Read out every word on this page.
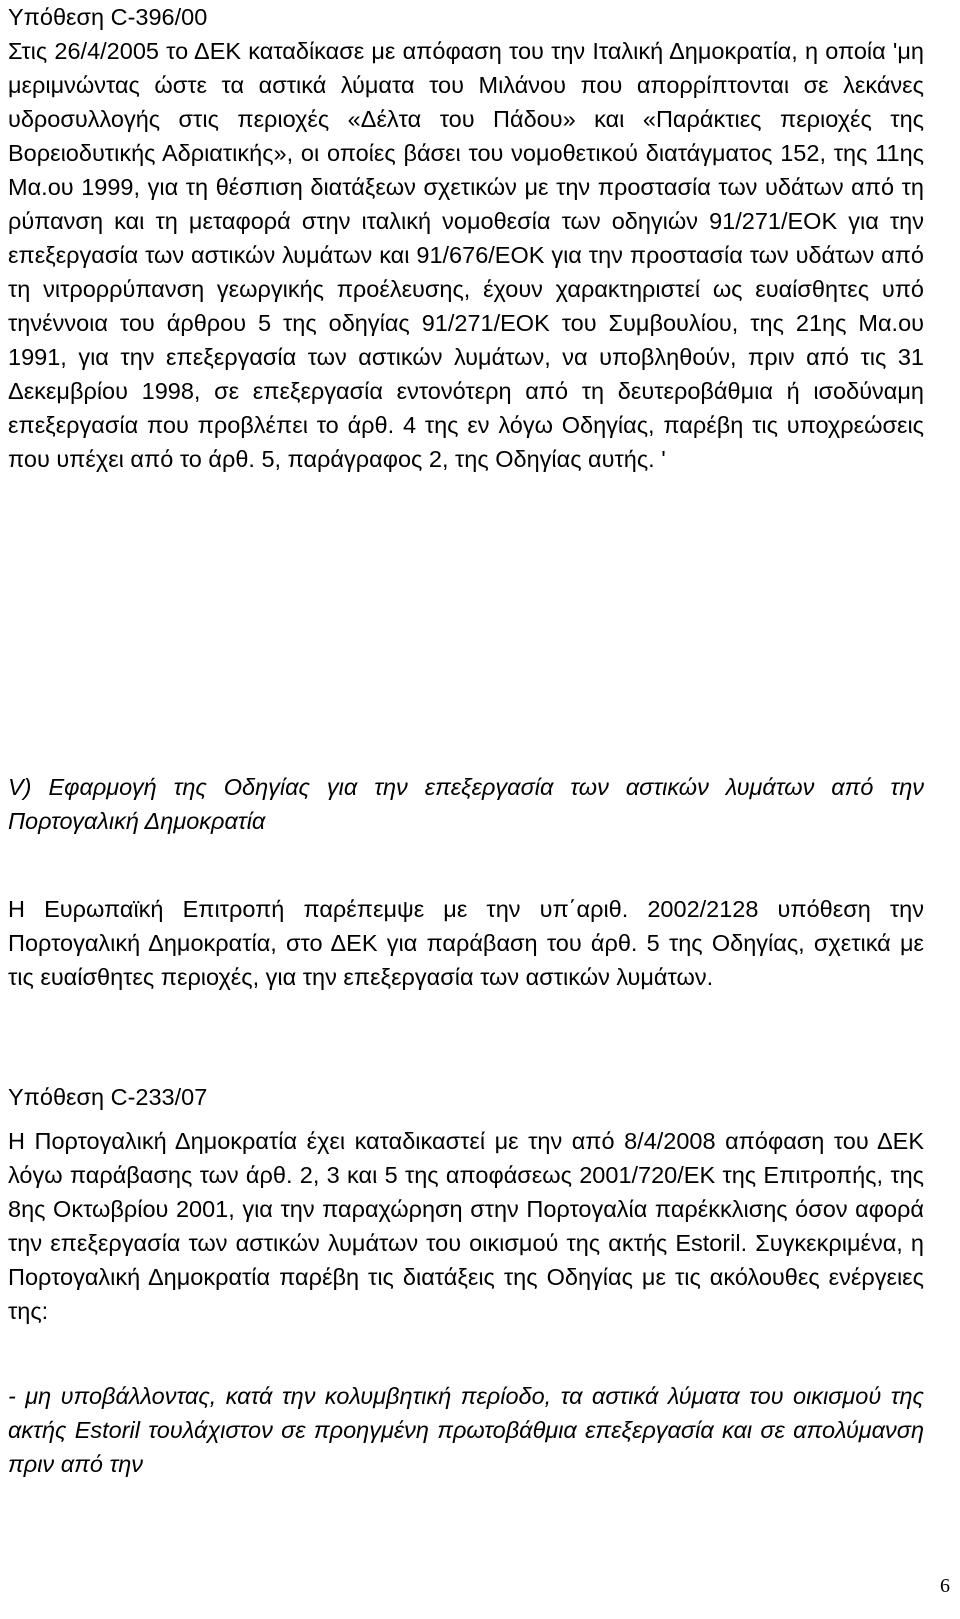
Υπόθεση C-396/00
Στις 26/4/2005 το ΔΕΚ καταδίκασε με απόφαση του την Ιταλική Δημοκρατία, η οποία 'μη μεριμνώντας ώστε τα αστικά λύματα του Μιλάνου που απορρίπτονται σε λεκάνες υδροσυλλογής στις περιοχές «Δέλτα του Πάδου» και «Παράκτιες περιοχές της Βορειοδυτικής Αδριατικής», οι οποίες βάσει του νομοθετικού διατάγματος 152, της 11ης Μα.ου 1999, για τη θέσπιση διατάξεων σχετικών με την προστασία των υδάτων από τη ρύπανση και τη μεταφορά στην ιταλική νομοθεσία των οδηγιών 91/271/ΕΟΚ για την επεξεργασία των αστικών λυμάτων και 91/676/ΕΟΚ για την προστασία των υδάτων από τη νιτρορρύπανση γεωργικής προέλευσης, έχουν χαρακτηριστεί ως ευαίσθητες υπό τηνέννοια του άρθρου 5 της οδηγίας 91/271/ΕΟΚ του Συμβουλίου, της 21ης Μα.ου 1991, για την επεξεργασία των αστικών λυμάτων, να υποβληθούν, πριν από τις 31 Δεκεμβρίου 1998, σε επεξεργασία εντονότερη από τη δευτεροβάθμια ή ισοδύναμη επεξεργασία που προβλέπει το άρθ. 4 της εν λόγω Οδηγίας, παρέβη τις υποχρεώσεις που υπέχει από το άρθ. 5, παράγραφος 2, της Οδηγίας αυτής. '
V) Εφαρμογή της Οδηγίας για την επεξεργασία των αστικών λυμάτων από την Πορτογαλική Δημοκρατία
Η Ευρωπαϊκή Επιτροπή παρέπεμψε με την υπ΄αριθ. 2002/2128 υπόθεση την Πορτογαλική Δημοκρατία, στο ΔΕΚ για παράβαση του άρθ. 5 της Οδηγίας, σχετικά με τις ευαίσθητες περιοχές, για την επεξεργασία των αστικών λυμάτων.
Υπόθεση C-233/07
Η Πορτογαλική Δημοκρατία έχει καταδικαστεί με την από 8/4/2008 απόφαση του ΔΕΚ λόγω παράβασης των άρθ. 2, 3 και 5 της αποφάσεως 2001/720/ΕΚ της Επιτροπής, της 8ης Οκτωβρίου 2001, για την παραχώρηση στην Πορτογαλία παρέκκλισης όσον αφορά την επεξεργασία των αστικών λυμάτων του οικισμού της ακτής Estoril. Συγκεκριμένα, η Πορτογαλική Δημοκρατία παρέβη τις διατάξεις της Οδηγίας με τις ακόλουθες ενέργειες της:
- μη υποβάλλοντας, κατά την κολυμβητική περίοδο, τα αστικά λύματα του οικισμού της ακτής Estoril τουλάχιστον σε προηγμένη πρωτοβάθμια επεξεργασία και σε απολύμανση πριν από την
6
